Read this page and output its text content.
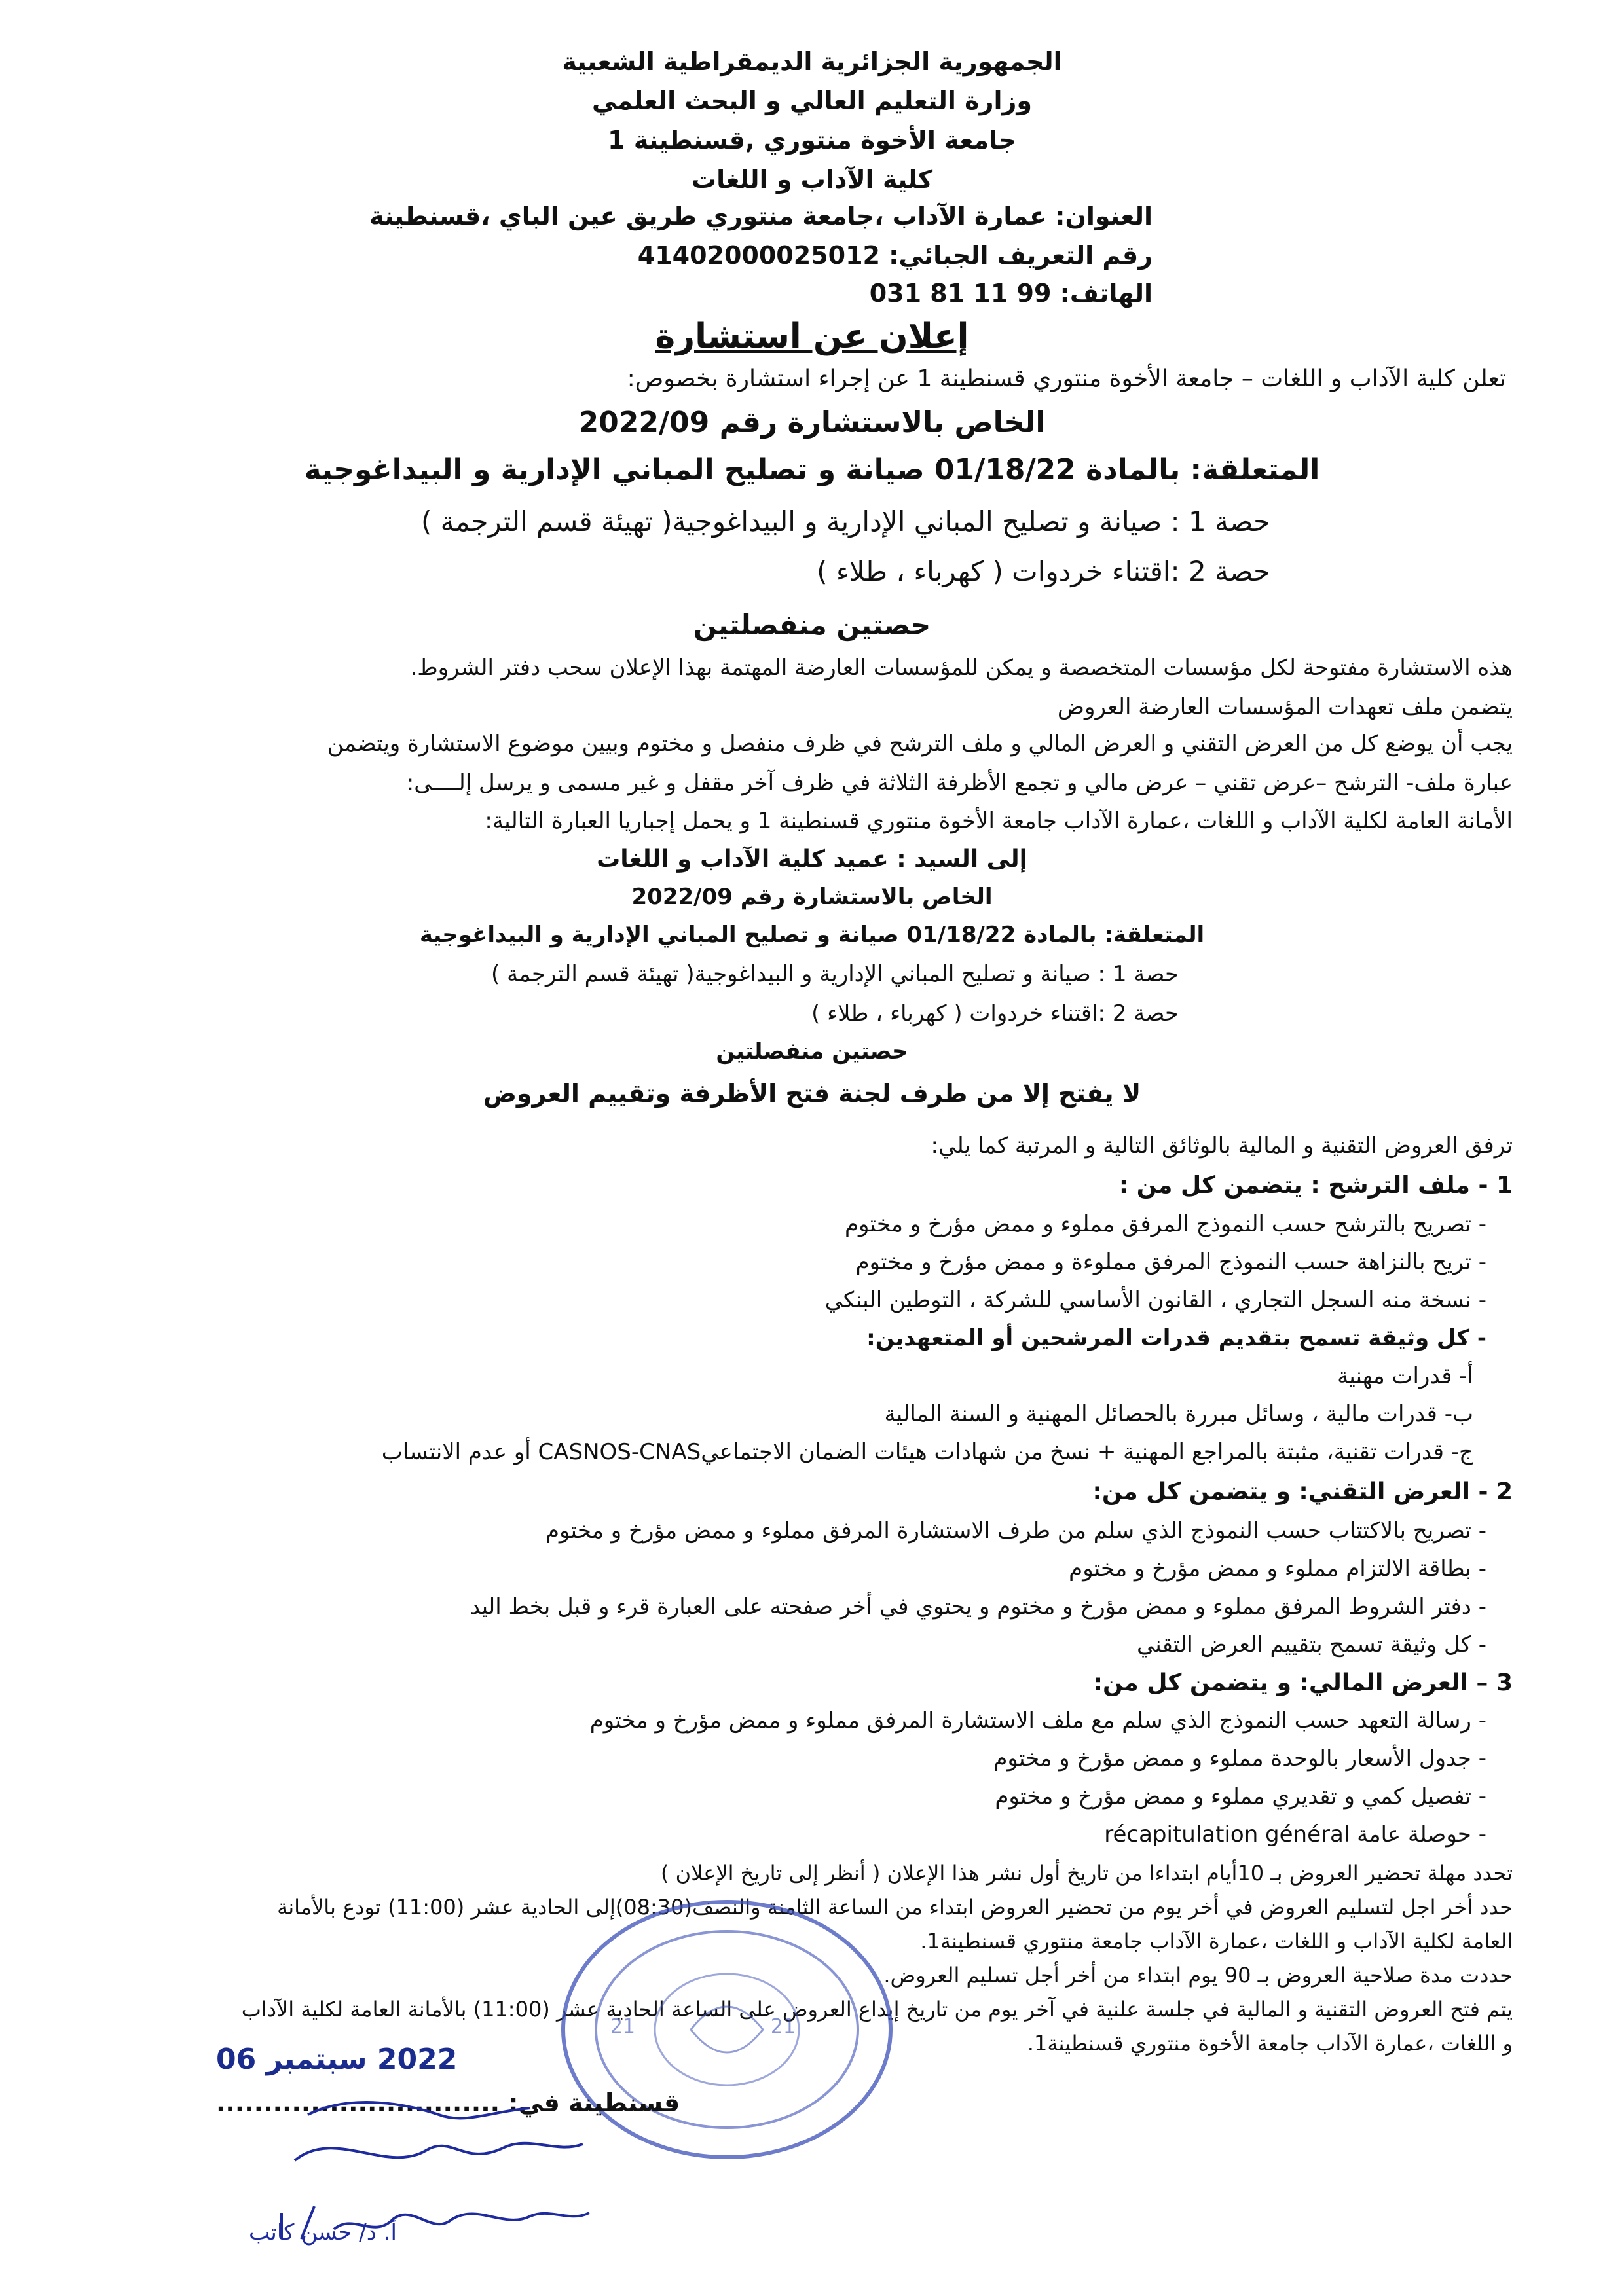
الجمهورية الجزائرية الديمقراطية الشعبية
وزارة التعليم العالي و البحث العلمي
جامعة الأخوة منتوري ,قسنطينة 1
كلية الآداب و اللغات
العنوان: عمارة الآداب ،جامعة منتوري طريق عين الباي ،قسنطينة
رقم التعريف الجبائي: 41402000025012
الهاتف: 99 11 81 031
إعلان عن استشارة
تعلن كلية الآداب و اللغات – جامعة الأخوة منتوري قسنطينة 1 عن إجراء استشارة بخصوص:
الخاص بالاستشارة رقم 2022/09
المتعلقة: بالمادة 01/18/22 صيانة و تصليح المباني الإدارية و البيداغوجية
حصة 1 : صيانة و تصليح المباني الإدارية و البيداغوجية( تهيئة قسم الترجمة )
حصة 2 :اقتناء خردوات ( كهرباء ، طلاء )
حصتين منفصلتين
هذه الاستشارة مفتوحة لكل مؤسسات المتخصصة و يمكن للمؤسسات العارضة المهتمة بهذا الإعلان سحب دفتر الشروط.
يتضمن ملف تعهدات المؤسسات العارضة العروض
يجب أن يوضع كل من العرض التقني و العرض المالي و ملف الترشح في ظرف منفصل و مختوم وبيين موضوع الاستشارة ويتضمن
عبارة ملف- الترشح –عرض تقني – عرض مالي و تجمع الأظرفة الثلاثة في ظرف آخر مقفل و غير مسمى و يرسل إلــــى:
الأمانة العامة لكلية الآداب و اللغات ،عمارة الآداب جامعة الأخوة منتوري قسنطينة 1 و يحمل إجباريا العبارة التالية:
إلى السيد : عميد كلية الآداب و اللغات
الخاص بالاستشارة رقم 2022/09
المتعلقة: بالمادة 01/18/22 صيانة و تصليح المباني الإدارية و البيداغوجية
حصة 1 : صيانة و تصليح المباني الإدارية و البيداغوجية( تهيئة قسم الترجمة )
حصة 2 :اقتناء خردوات ( كهرباء ، طلاء )
حصتين منفصلتين
لا يفتح إلا من طرف لجنة فتح الأظرفة وتقييم العروض
ترفق العروض التقنية و المالية بالوثائق التالية و المرتبة كما يلي:
1 - ملف الترشح : يتضمن كل من :
- تصريح بالترشح حسب النموذج المرفق مملوء و ممض مؤرخ و مختوم
- تريح بالنزاهة حسب النموذج المرفق مملوءة و ممض مؤرخ و مختوم
- نسخة منه السجل التجاري ، القانون الأساسي للشركة ، التوطين البنكي
- كل وثيقة تسمح بتقديم قدرات المرشحين أو المتعهدين:
أ- قدرات مهنية
ب- قدرات مالية ، وسائل مبررة بالحصائل المهنية و السنة المالية
ج- قدرات تقنية، مثبتة بالمراجع المهنية + نسخ من شهادات هيئات الضمان الاجتماعيCASNOS-CNAS أو عدم الانتساب
2 - العرض التقني: و يتضمن كل من:
- تصريح بالاكتتاب حسب النموذج الذي سلم من طرف الاستشارة المرفق مملوء و ممض مؤرخ و مختوم
- بطاقة الالتزام مملوء و ممض مؤرخ و مختوم
- دفتر الشروط المرفق مملوء و ممض مؤرخ و مختوم و يحتوي في أخر صفحته على العبارة قرء و قبل بخط اليد
- كل وثيقة تسمح بتقييم العرض التقني
3 – العرض المالي: و يتضمن كل من:
- رسالة التعهد حسب النموذج الذي سلم مع ملف الاستشارة المرفق مملوء و ممض مؤرخ و مختوم
- جدول الأسعار بالوحدة مملوء و ممض مؤرخ و مختوم
- تفصيل كمي و تقديري مملوء و ممض مؤرخ و مختوم
- حوصلة عامة récapitulation général
تحدد مهلة تحضير العروض بـ 10أيام ابتداءا من تاريخ أول نشر هذا الإعلان ( أنظر إلى تاريخ الإعلان )
حدد أخر اجل لتسليم العروض في أخر يوم من تحضير العروض ابتداء من الساعة الثامنة والنصف(08:30)إلى الحادية عشر (11:00) تودع بالأمانة
العامة لكلية الآداب و اللغات ،عمارة الآداب جامعة منتوري قسنطينة1.
حددت مدة صلاحية العروض بـ 90 يوم ابتداء من أخر أجل تسليم العروض.
يتم فتح العروض التقنية و المالية في جلسة علنية في آخر يوم من تاريخ إيداع العروض على الساعة الحادية عشر (11:00) بالأمانة العامة لكلية الآداب
و اللغات ،عمارة الآداب جامعة الأخوة منتوري قسنطينة1.
21	21
2022 سبتمبر 06
قسنطينة في: ..............................
أ. د/ حسن كاتب
